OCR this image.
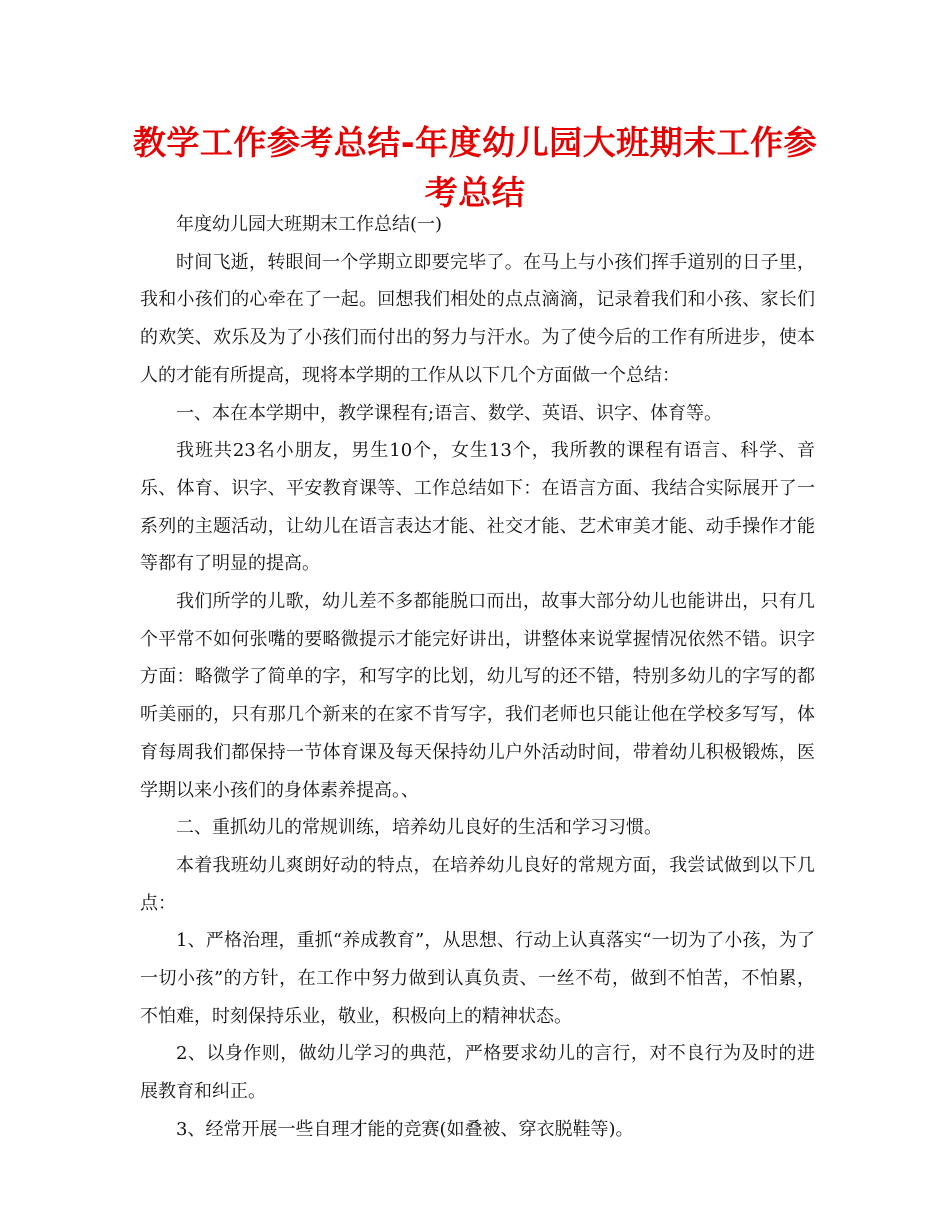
教学工作参考总结-年度幼儿园大班期末工作参考总结

年度幼儿园大班期末工作总结(一)

时间飞逝，转眼间一个学期立即要完毕了。在马上与小孩们挥手道别的日子里，我和小孩们的心牵在了一起。回想我们相处的点点滴滴，记录着我们和小孩、家长们的欢笑、欢乐及为了小孩们而付出的努力与汗水。为了使今后的工作有所进步，使本人的才能有所提高，现将本学期的工作从以下几个方面做一个总结：

一、本在本学期中，教学课程有;语言、数学、英语、识字、体育等。

我班共23名小朋友，男生10个，女生13个，我所教的课程有语言、科学、音乐、体育、识字、平安教育课等、工作总结如下：在语言方面、我结合实际展开了一系列的主题活动，让幼儿在语言表达才能、社交才能、艺术审美才能、动手操作才能等都有了明显的提高。

我们所学的儿歌，幼儿差不多都能脱口而出，故事大部分幼儿也能讲出，只有几个平常不如何张嘴的要略微提示才能完好讲出，讲整体来说掌握情况依然不错。识字方面：略微学了简单的字，和写字的比划，幼儿写的还不错，特别多幼儿的字写的都听美丽的，只有那几个新来的在家不肯写字，我们老师也只能让他在学校多写写，体育每周我们都保持一节体育课及每天保持幼儿户外活动时间，带着幼儿积极锻炼，医学期以来小孩们的身体素养提高。、

二、重抓幼儿的常规训练，培养幼儿良好的生活和学习习惯。

本着我班幼儿爽朗好动的特点，在培养幼儿良好的常规方面，我尝试做到以下几点：

1、严格治理，重抓“养成教育”，从思想、行动上认真落实“一切为了小孩，为了一切小孩”的方针，在工作中努力做到认真负责、一丝不苟，做到不怕苦，不怕累，不怕难，时刻保持乐业，敬业，积极向上的精神状态。

2、以身作则，做幼儿学习的典范，严格要求幼儿的言行，对不良行为及时的进展教育和纠正。

3、经常开展一些自理才能的竞赛(如叠被、穿衣脱鞋等)。
